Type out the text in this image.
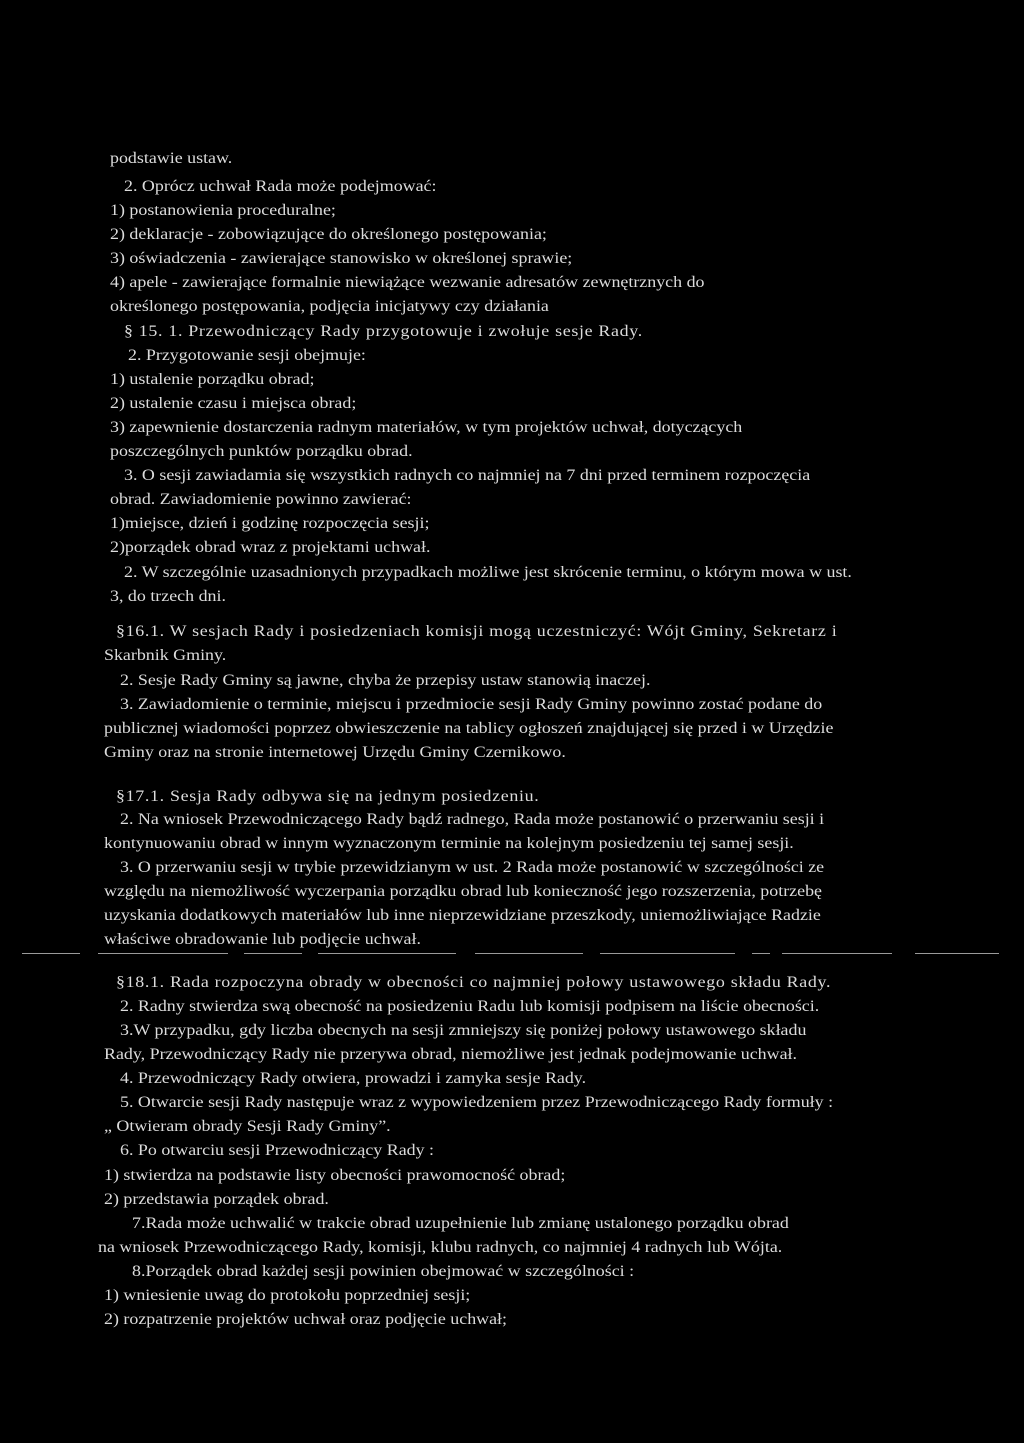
podstawie ustaw.
2. Oprócz uchwał Rada może podejmować:
1) postanowienia proceduralne;
2) deklaracje - zobowiązujące do określonego postępowania;
3) oświadczenia - zawierające stanowisko w określonej sprawie;
4) apele - zawierające formalnie niewiążące wezwanie adresatów zewnętrznych do
określonego postępowania, podjęcia inicjatywy czy działania
§ 15. 1. Przewodniczący Rady przygotowuje i zwołuje sesje Rady.
2. Przygotowanie sesji obejmuje:
1) ustalenie porządku obrad;
2) ustalenie czasu i miejsca obrad;
3) zapewnienie dostarczenia radnym materiałów, w tym projektów uchwał, dotyczących
poszczególnych punktów porządku obrad.
3. O sesji zawiadamia się wszystkich radnych co najmniej na 7 dni przed terminem rozpoczęcia
obrad. Zawiadomienie powinno zawierać:
1)miejsce, dzień i godzinę rozpoczęcia sesji;
2)porządek obrad wraz z projektami uchwał.
2. W szczególnie uzasadnionych przypadkach możliwe jest skrócenie terminu, o którym mowa w ust.
3, do trzech dni.
§16.1. W sesjach Rady i posiedzeniach komisji mogą uczestniczyć: Wójt Gminy, Sekretarz i
Skarbnik Gminy.
2. Sesje Rady Gminy są jawne, chyba że przepisy ustaw stanowią inaczej.
3. Zawiadomienie o terminie, miejscu i przedmiocie sesji Rady Gminy powinno zostać podane do
publicznej wiadomości poprzez obwieszczenie na tablicy ogłoszeń znajdującej się przed i w Urzędzie
Gminy oraz na stronie internetowej Urzędu Gminy Czernikowo.
§17.1. Sesja Rady odbywa się na jednym posiedzeniu.
2. Na wniosek Przewodniczącego Rady bądź radnego, Rada może postanowić o przerwaniu sesji i
kontynuowaniu obrad w innym wyznaczonym terminie na kolejnym posiedzeniu tej samej sesji.
3. O przerwaniu sesji w trybie przewidzianym w ust. 2 Rada może postanowić w szczególności ze
względu na niemożliwość wyczerpania porządku obrad lub konieczność jego rozszerzenia, potrzebę
uzyskania dodatkowych materiałów lub inne nieprzewidziane przeszkody, uniemożliwiające Radzie
właściwe obradowanie lub podjęcie uchwał.
§18.1. Rada rozpoczyna obrady w obecności co najmniej połowy ustawowego składu Rady.
2. Radny stwierdza swą obecność na posiedzeniu Radu lub komisji podpisem na liście obecności.
3.W przypadku, gdy liczba obecnych na sesji zmniejszy się poniżej połowy ustawowego składu
Rady, Przewodniczący Rady nie przerywa obrad, niemożliwe jest jednak podejmowanie uchwał.
4. Przewodniczący Rady otwiera, prowadzi i zamyka sesje Rady.
5. Otwarcie sesji Rady następuje wraz z wypowiedzeniem przez Przewodniczącego Rady formuły :
„ Otwieram obrady Sesji Rady Gminy”.
6. Po otwarciu sesji Przewodniczący Rady :
1) stwierdza na podstawie listy obecności prawomocność obrad;
2) przedstawia porządek obrad.
7.Rada może uchwalić w trakcie obrad uzupełnienie lub zmianę ustalonego porządku obrad
na wniosek Przewodniczącego Rady, komisji, klubu radnych, co najmniej 4 radnych lub Wójta.
8.Porządek obrad każdej sesji powinien obejmować w szczególności :
1) wniesienie uwag do protokołu poprzedniej sesji;
2) rozpatrzenie projektów uchwał oraz podjęcie uchwał;
